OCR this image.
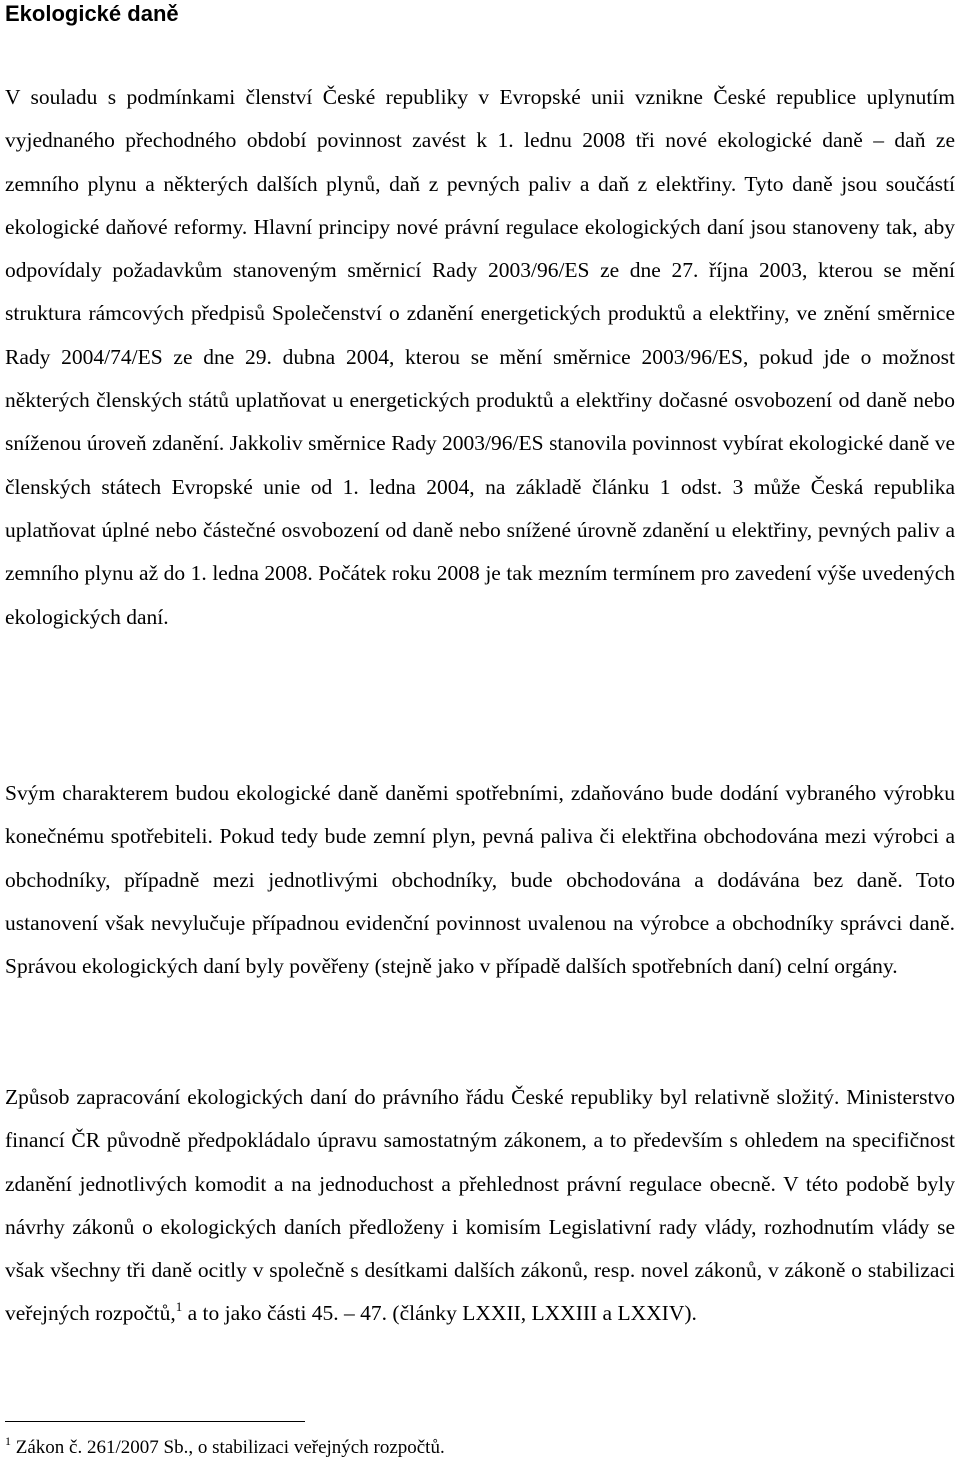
Ekologické daně

V souladu s podmínkami členství České republiky v Evropské unii vznikne České republice uplynutím vyjednaného přechodného období povinnost zavést k 1. lednu 2008 tři nové ekologické daně – daň ze zemního plynu a některých dalších plynů, daň z pevných paliv a daň z elektřiny. Tyto daně jsou součástí ekologické daňové reformy. Hlavní principy nové právní regulace ekologických daní jsou stanoveny tak, aby odpovídaly požadavkům stanoveným směrnicí Rady 2003/96/ES ze dne 27. října 2003, kterou se mění struktura rámcových předpisů Společenství o zdanění energetických produktů a elektřiny, ve znění směrnice Rady 2004/74/ES ze dne 29. dubna 2004, kterou se mění směrnice 2003/96/ES, pokud jde o možnost některých členských států uplatňovat u energetických produktů a elektřiny dočasné osvobození od daně nebo sníženou úroveň zdanění. Jakkoliv směrnice Rady 2003/96/ES stanovila povinnost vybírat ekologické daně ve členských státech Evropské unie od 1. ledna 2004, na základě článku 1 odst. 3 může Česká republika uplatňovat úplné nebo částečné osvobození od daně nebo snížené úrovně zdanění u elektřiny, pevných paliv a zemního plynu až do 1. ledna 2008. Počátek roku 2008 je tak mezním termínem pro zavedení výše uvedených ekologických daní.

Svým charakterem budou ekologické daně daněmi spotřebními, zdaňováno bude dodání vybraného výrobku konečnému spotřebiteli. Pokud tedy bude zemní plyn, pevná paliva či elektřina obchodována mezi výrobci a obchodníky, případně mezi jednotlivými obchodníky, bude obchodována a dodávána bez daně. Toto ustanovení však nevylučuje případnou evidenční povinnost uvalenou na výrobce a obchodníky správci daně. Správou ekologických daní byly pověřeny (stejně jako v případě dalších spotřebních daní) celní orgány.

Způsob zapracování ekologických daní do právního řádu České republiky byl relativně složitý. Ministerstvo financí ČR původně předpokládalo úpravu samostatným zákonem, a to především s ohledem na specifičnost zdanění jednotlivých komodit a na jednoduchost a přehlednost právní regulace obecně. V této podobě byly návrhy zákonů o ekologických daních předloženy i komisím Legislativní rady vlády, rozhodnutím vlády se však všechny tři daně ocitly v společně s desítkami dalších zákonů, resp. novel zákonů, v zákoně o stabilizaci veřejných rozpočtů,$^1$ a to jako části 45. – 47. (články LXXII, LXXIII a LXXIV).

$^1$ Zákon č. 261/2007 Sb., o stabilizaci veřejných rozpočtů.
